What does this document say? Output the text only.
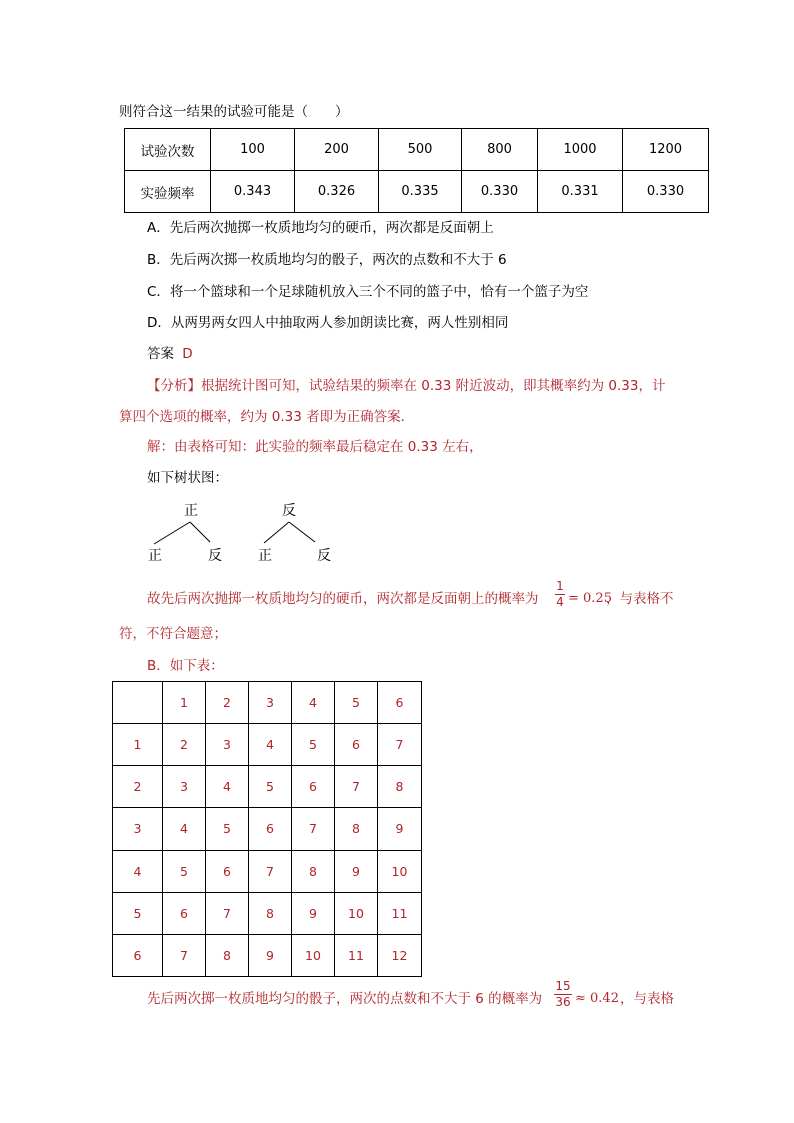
则符合这一结果的试验可能是（　　）
试验次数	100	200	500	800	1000	1200
实验频率	0.343	0.326	0.335	0.330	0.331	0.330
A．先后两次抛掷一枚质地均匀的硬币，两次都是反面朝上
B．先后两次掷一枚质地均匀的骰子，两次的点数和不大于 6
C．将一个篮球和一个足球随机放入三个不同的篮子中，恰有一个篮子为空
D．从两男两女四人中抽取两人参加朗读比赛，两人性别相同
答案 D
【分析】根据统计图可知，试验结果的频率在 0.33 附近波动，即其概率约为 0.33，计
算四个选项的概率，约为 0.33 者即为正确答案．
解：由表格可知：此实验的频率最后稳定在 0.33 左右，
如下树状图：
正
正	反
反
正	反
故先后两次抛掷一枚质地均匀的硬币，两次都是反面朝上的概率为
1
4 = 0.25
，与表格不
符，不符合题意；
B．如下表：
	1	2	3	4	5	6
1	2	3	4	5	6	7
2	3	4	5	6	7	8
3	4	5	6	7	8	9
4	5	6	7	8	9	10
5	6	7	8	9	10	11
6	7	8	9	10	11	12
先后两次掷一枚质地均匀的骰子，两次的点数和不大于 6 的概率为
15
36 ≈ 0.42 ，与表格
